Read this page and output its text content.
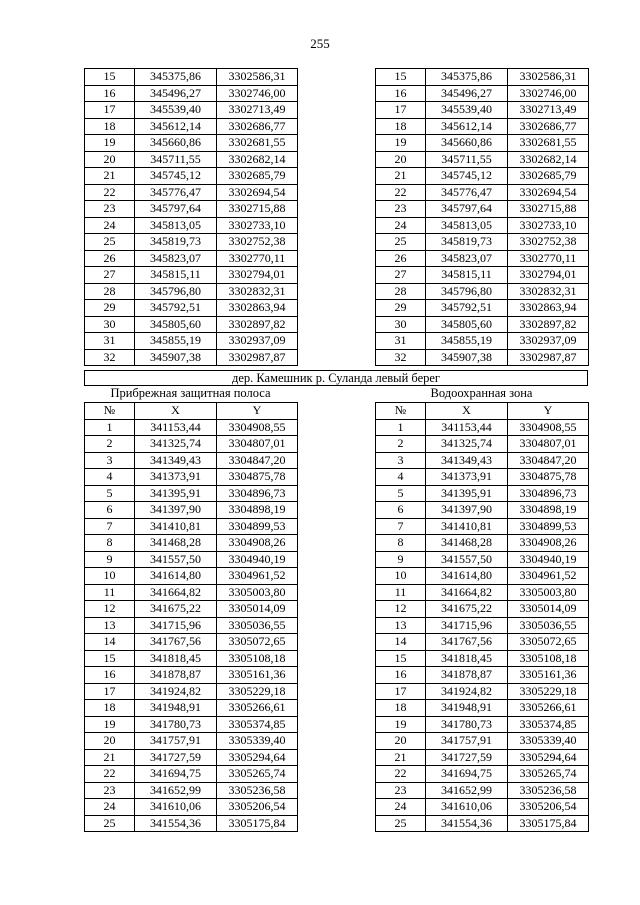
255
15	345375,86	3302586,31
16	345496,27	3302746,00
17	345539,40	3302713,49
18	345612,14	3302686,77
19	345660,86	3302681,55
20	345711,55	3302682,14
21	345745,12	3302685,79
22	345776,47	3302694,54
23	345797,64	3302715,88
24	345813,05	3302733,10
25	345819,73	3302752,38
26	345823,07	3302770,11
27	345815,11	3302794,01
28	345796,80	3302832,31
29	345792,51	3302863,94
30	345805,60	3302897,82
31	345855,19	3302937,09
32	345907,38	3302987,87
15	345375,86	3302586,31
16	345496,27	3302746,00
17	345539,40	3302713,49
18	345612,14	3302686,77
19	345660,86	3302681,55
20	345711,55	3302682,14
21	345745,12	3302685,79
22	345776,47	3302694,54
23	345797,64	3302715,88
24	345813,05	3302733,10
25	345819,73	3302752,38
26	345823,07	3302770,11
27	345815,11	3302794,01
28	345796,80	3302832,31
29	345792,51	3302863,94
30	345805,60	3302897,82
31	345855,19	3302937,09
32	345907,38	3302987,87
дер. Камешник р. Суланда левый берег
Прибрежная защитная полоса	Водоохранная зона
№	X	Y
1	341153,44	3304908,55
2	341325,74	3304807,01
3	341349,43	3304847,20
4	341373,91	3304875,78
5	341395,91	3304896,73
6	341397,90	3304898,19
7	341410,81	3304899,53
8	341468,28	3304908,26
9	341557,50	3304940,19
10	341614,80	3304961,52
11	341664,82	3305003,80
12	341675,22	3305014,09
13	341715,96	3305036,55
14	341767,56	3305072,65
15	341818,45	3305108,18
16	341878,87	3305161,36
17	341924,82	3305229,18
18	341948,91	3305266,61
19	341780,73	3305374,85
20	341757,91	3305339,40
21	341727,59	3305294,64
22	341694,75	3305265,74
23	341652,99	3305236,58
24	341610,06	3305206,54
25	341554,36	3305175,84
№	X	Y
1	341153,44	3304908,55
2	341325,74	3304807,01
3	341349,43	3304847,20
4	341373,91	3304875,78
5	341395,91	3304896,73
6	341397,90	3304898,19
7	341410,81	3304899,53
8	341468,28	3304908,26
9	341557,50	3304940,19
10	341614,80	3304961,52
11	341664,82	3305003,80
12	341675,22	3305014,09
13	341715,96	3305036,55
14	341767,56	3305072,65
15	341818,45	3305108,18
16	341878,87	3305161,36
17	341924,82	3305229,18
18	341948,91	3305266,61
19	341780,73	3305374,85
20	341757,91	3305339,40
21	341727,59	3305294,64
22	341694,75	3305265,74
23	341652,99	3305236,58
24	341610,06	3305206,54
25	341554,36	3305175,84
